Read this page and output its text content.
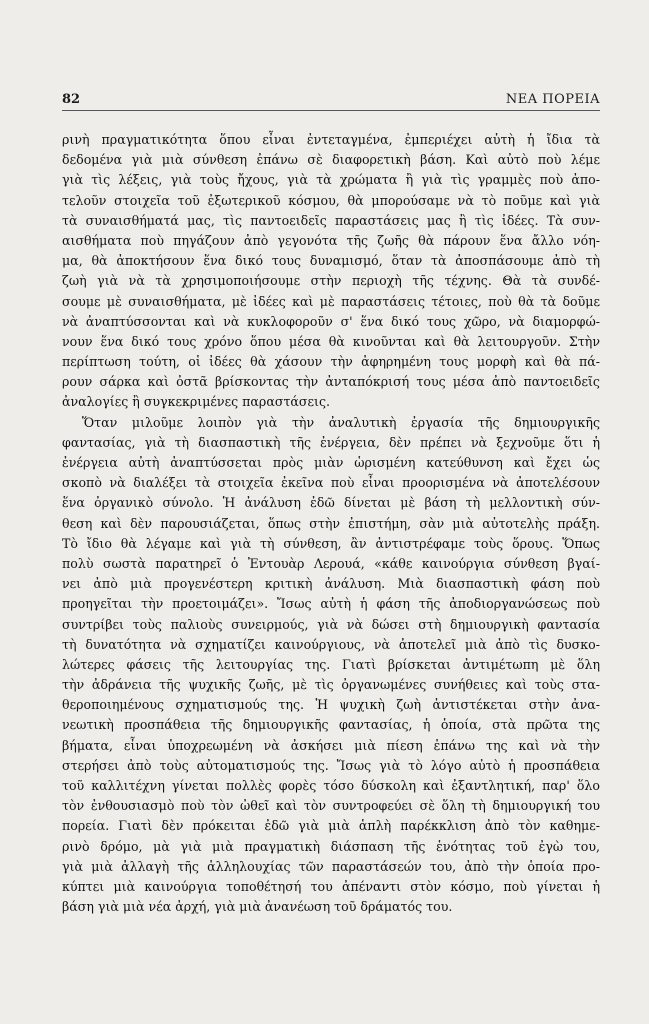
82	ΝΕΑ ΠΟΡΕΙΑ
ρινὴ πραγματικότητα ὅπου εἶναι ἐντεταγμένα, ἐμπεριέχει αὐτὴ ἡ ἴδια τὰ
δεδομένα γιὰ μιὰ σύνθεση ἐπάνω σὲ διαφορετικὴ βάση. Καὶ αὐτὸ ποὺ λέμε
γιὰ τὶς λέξεις, γιὰ τοὺς ἤχους, γιὰ τὰ χρώματα ἢ γιὰ τὶς γραμμὲς ποὺ ἀπο-
τελοῦν στοιχεῖα τοῦ ἐξωτερικοῦ κόσμου, θὰ μπορούσαμε νὰ τὸ ποῦμε καὶ γιὰ
τὰ συναισθήματά μας, τὶς παντοειδεῖς παραστάσεις μας ἢ τὶς ἰδέες. Τὰ συν-
αισθήματα ποὺ πηγάζουν ἀπὸ γεγονότα τῆς ζωῆς θὰ πάρουν ἕνα ἄλλο νόη-
μα, θὰ ἀποκτήσουν ἕνα δικό τους δυναμισμό, ὅταν τὰ ἀποσπάσουμε ἀπὸ τὴ
ζωὴ γιὰ νὰ τὰ χρησιμοποιήσουμε στὴν περιοχὴ τῆς τέχνης. Θὰ τὰ συνδέ-
σουμε μὲ συναισθήματα, μὲ ἰδέες καὶ μὲ παραστάσεις τέτοιες, ποὺ θὰ τὰ δοῦμε
νὰ ἀναπτύσσονται καὶ νὰ κυκλοφοροῦν σ' ἕνα δικό τους χῶρο, νὰ διαμορφώ-
νουν ἕνα δικό τους χρόνο ὅπου μέσα θὰ κινοῦνται καὶ θὰ λειτουργοῦν. Στὴν
περίπτωση τούτη, οἱ ἰδέες θὰ χάσουν τὴν ἀφηρημένη τους μορφὴ καὶ θὰ πά-
ρουν σάρκα καὶ ὀστᾶ βρίσκοντας τὴν ἀνταπόκρισή τους μέσα ἀπὸ παντοειδεῖς
ἀναλογίες ἢ συγκεκριμένες παραστάσεις.
Ὅταν μιλοῦμε λοιπὸν γιὰ τὴν ἀναλυτικὴ ἐργασία τῆς δημιουργικῆς
φαντασίας, γιὰ τὴ διασπαστικὴ τῆς ἐνέργεια, δὲν πρέπει νὰ ξεχνοῦμε ὅτι ἡ
ἐνέργεια αὐτὴ ἀναπτύσσεται πρὸς μιὰν ὡρισμένη κατεύθυνση καὶ ἔχει ὡς
σκοπὸ νὰ διαλέξει τὰ στοιχεῖα ἐκεῖνα ποὺ εἶναι προορισμένα νὰ ἀποτελέσουν
ἕνα ὀργανικὸ σύνολο. Ἡ ἀνάλυση ἐδῶ δίνεται μὲ βάση τὴ μελλοντικὴ σύν-
θεση καὶ δὲν παρουσιάζεται, ὅπως στὴν ἐπιστήμη, σὰν μιὰ αὐτοτελὴς πράξη.
Τὸ ἴδιο θὰ λέγαμε καὶ γιὰ τὴ σύνθεση, ἂν ἀντιστρέφαμε τοὺς ὅρους. Ὅπως
πολὺ σωστὰ παρατηρεῖ ὁ Ἐντουὰρ Λερουά, «κάθε καινούργια σύνθεση βγαί-
νει ἀπὸ μιὰ προγενέστερη κριτικὴ ἀνάλυση. Μιὰ διασπαστικὴ φάση ποὺ
προηγεῖται τὴν προετοιμάζει». Ἴσως αὐτὴ ἡ φάση τῆς ἀποδιοργανώσεως ποὺ
συντρίβει τοὺς παλιοὺς συνειρμούς, γιὰ νὰ δώσει στὴ δημιουργικὴ φαντασία
τὴ δυνατότητα νὰ σχηματίζει καινούργιους, νὰ ἀποτελεῖ μιὰ ἀπὸ τὶς δυσκο-
λώτερες φάσεις τῆς λειτουργίας της. Γιατὶ βρίσκεται ἀντιμέτωπη μὲ ὅλη
τὴν ἀδράνεια τῆς ψυχικῆς ζωῆς, μὲ τὶς ὀργανωμένες συνήθειες καὶ τοὺς στα-
θεροποιημένους σχηματισμούς της. Ἡ ψυχικὴ ζωὴ ἀντιστέκεται στὴν ἀνα-
νεωτικὴ προσπάθεια τῆς δημιουργικῆς φαντασίας, ἡ ὁποία, στὰ πρῶτα της
βήματα, εἶναι ὑποχρεωμένη νὰ ἀσκήσει μιὰ πίεση ἐπάνω της καὶ νὰ τὴν
στερήσει ἀπὸ τοὺς αὐτοματισμούς της. Ἴσως γιὰ τὸ λόγο αὐτὸ ἡ προσπάθεια
τοῦ καλλιτέχνη γίνεται πολλὲς φορὲς τόσο δύσκολη καὶ ἐξαντλητική, παρ' ὅλο
τὸν ἐνθουσιασμὸ ποὺ τὸν ὠθεῖ καὶ τὸν συντροφεύει σὲ ὅλη τὴ δημιουργική του
πορεία. Γιατὶ δὲν πρόκειται ἐδῶ γιὰ μιὰ ἁπλὴ παρέκκλιση ἀπὸ τὸν καθημε-
ρινὸ δρόμο, μὰ γιὰ μιὰ πραγματικὴ διάσπαση τῆς ἑνότητας τοῦ ἐγὼ του,
γιὰ μιὰ ἀλλαγὴ τῆς ἀλληλουχίας τῶν παραστάσεών του, ἀπὸ τὴν ὁποία προ-
κύπτει μιὰ καινούργια τοποθέτησή του ἀπέναντι στὸν κόσμο, ποὺ γίνεται ἡ
βάση γιὰ μιὰ νέα ἀρχή, γιὰ μιὰ ἀνανέωση τοῦ δράματός του.
